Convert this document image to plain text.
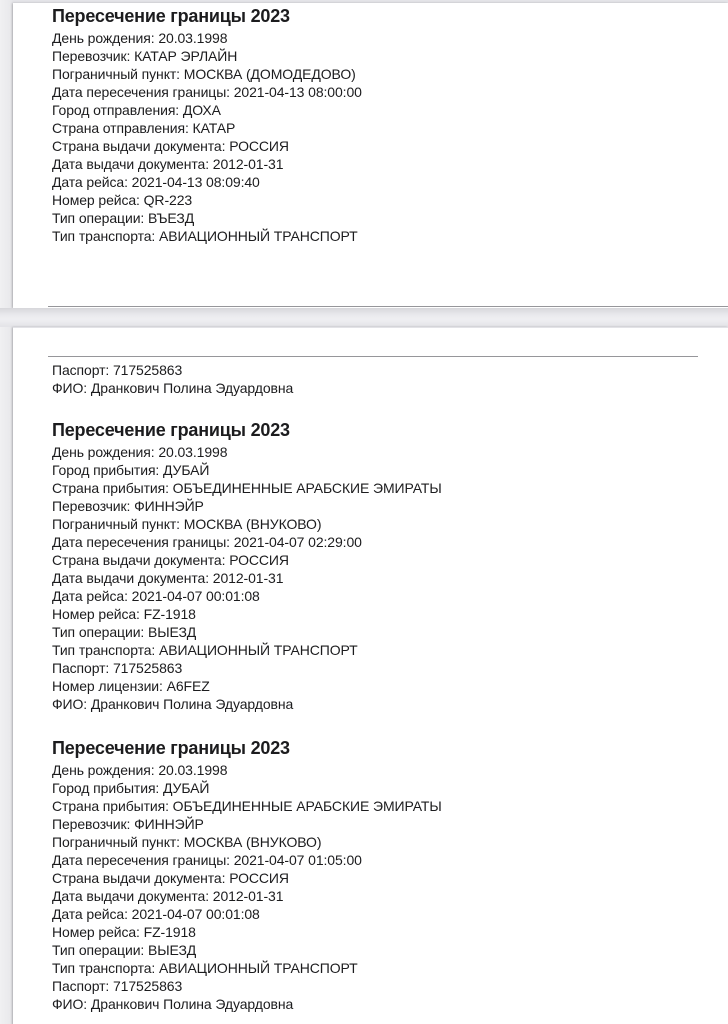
Пересечение границы 2023
День рождения: 20.03.1998
Перевозчик: КАТАР ЭРЛАЙН
Пограничный пункт: МОСКВА (ДОМОДЕДОВО)
Дата пересечения границы: 2021-04-13 08:00:00
Город отправления: ДОХА
Страна отправления: КАТАР
Страна выдачи документа: РОССИЯ
Дата выдачи документа: 2012-01-31
Дата рейса: 2021-04-13 08:09:40
Номер рейса: QR-223
Тип операции: ВЪЕЗД
Тип транспорта: АВИАЦИОННЫЙ ТРАНСПОРТ
Паспорт: 717525863
ФИО: Дранкович Полина Эдуардовна
Пересечение границы 2023
День рождения: 20.03.1998
Город прибытия: ДУБАЙ
Страна прибытия: ОБЪЕДИНЕННЫЕ АРАБСКИЕ ЭМИРАТЫ
Перевозчик: ФИННЭЙР
Пограничный пункт: МОСКВА (ВНУКОВО)
Дата пересечения границы: 2021-04-07 02:29:00
Страна выдачи документа: РОССИЯ
Дата выдачи документа: 2012-01-31
Дата рейса: 2021-04-07 00:01:08
Номер рейса: FZ-1918
Тип операции: ВЫЕЗД
Тип транспорта: АВИАЦИОННЫЙ ТРАНСПОРТ
Паспорт: 717525863
Номер лицензии: A6FEZ
ФИО: Дранкович Полина Эдуардовна
Пересечение границы 2023
День рождения: 20.03.1998
Город прибытия: ДУБАЙ
Страна прибытия: ОБЪЕДИНЕННЫЕ АРАБСКИЕ ЭМИРАТЫ
Перевозчик: ФИННЭЙР
Пограничный пункт: МОСКВА (ВНУКОВО)
Дата пересечения границы: 2021-04-07 01:05:00
Страна выдачи документа: РОССИЯ
Дата выдачи документа: 2012-01-31
Дата рейса: 2021-04-07 00:01:08
Номер рейса: FZ-1918
Тип операции: ВЫЕЗД
Тип транспорта: АВИАЦИОННЫЙ ТРАНСПОРТ
Паспорт: 717525863
ФИО: Дранкович Полина Эдуардовна
